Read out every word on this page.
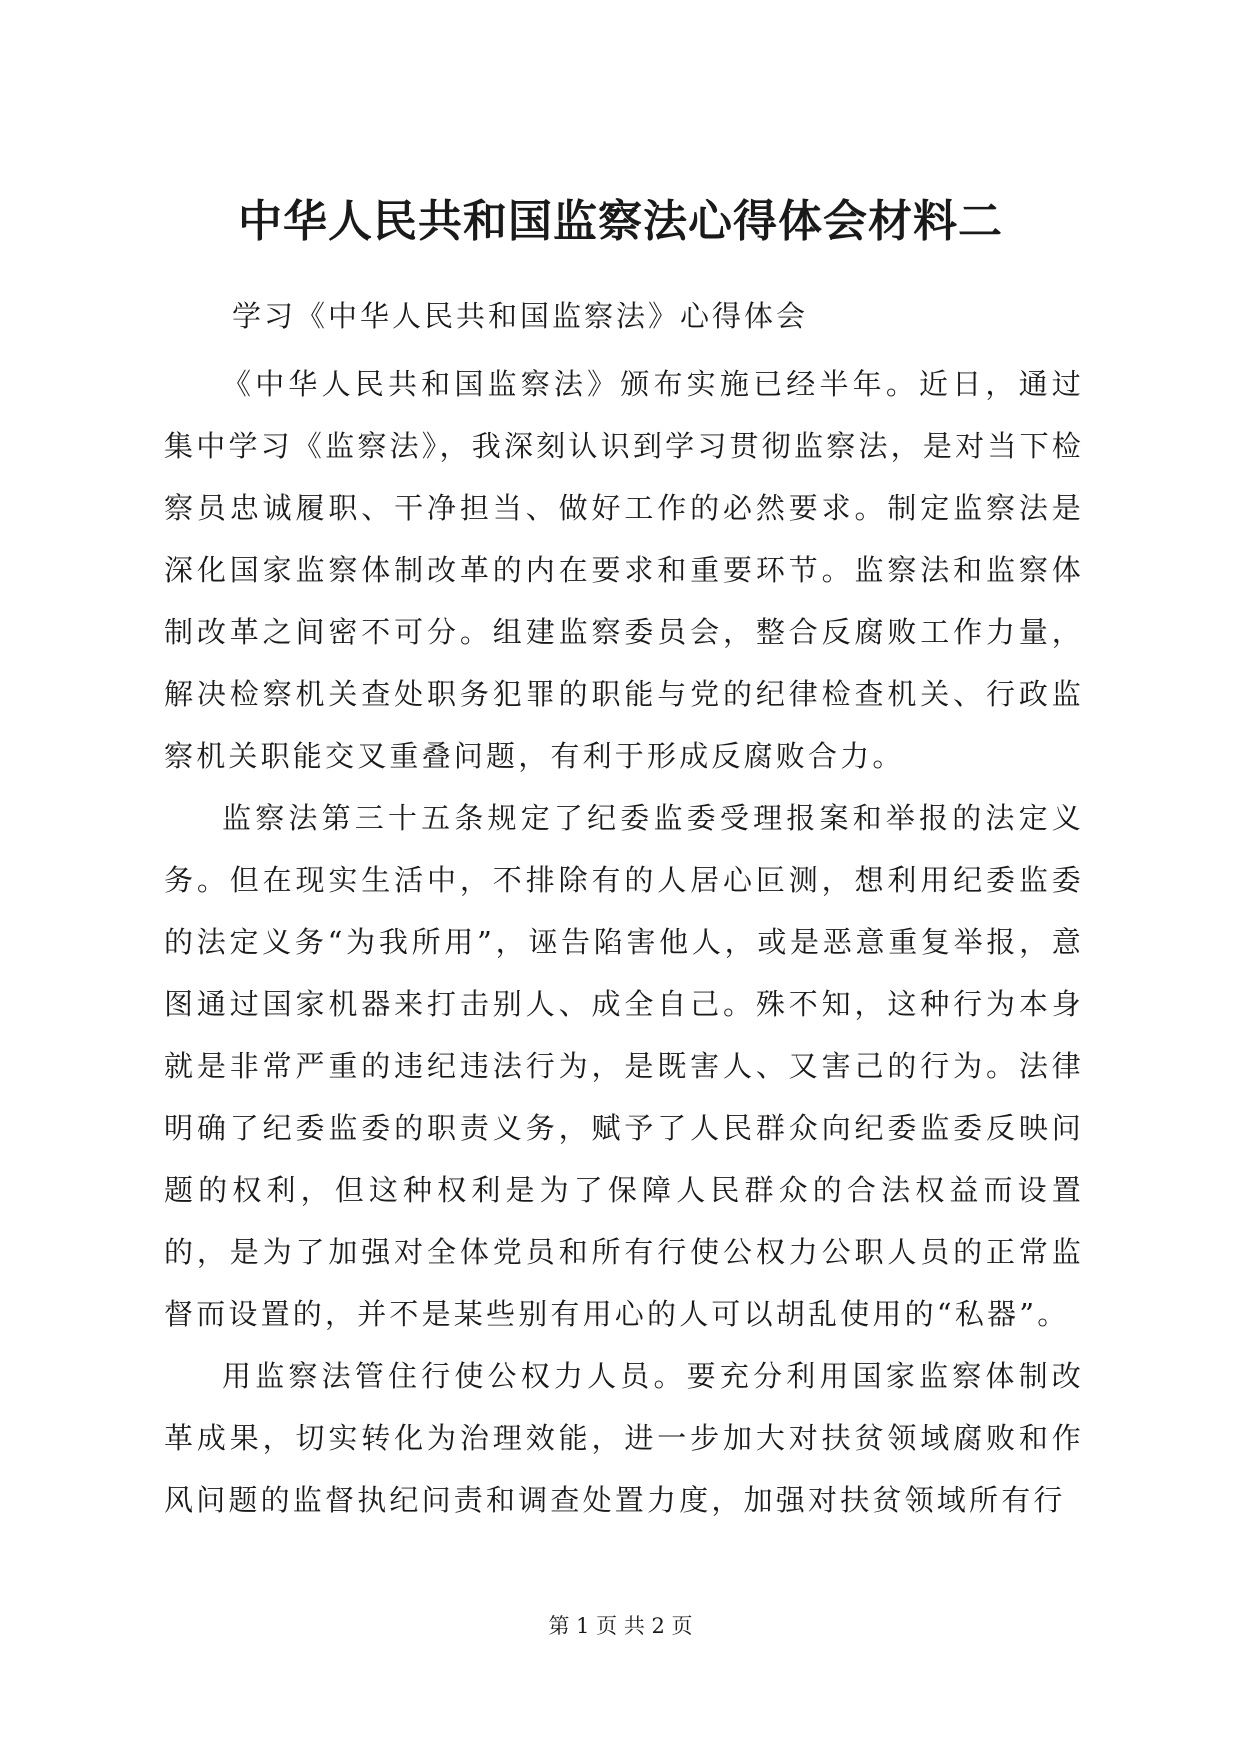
中华人民共和国监察法心得体会材料二

学习《中华人民共和国监察法》心得体会

《中华人民共和国监察法》颁布实施已经半年。近日，通过集中学习《监察法》，我深刻认识到学习贯彻监察法，是对当下检察员忠诚履职、干净担当、做好工作的必然要求。制定监察法是深化国家监察体制改革的内在要求和重要环节。监察法和监察体制改革之间密不可分。组建监察委员会，整合反腐败工作力量，解决检察机关查处职务犯罪的职能与党的纪律检查机关、行政监察机关职能交叉重叠问题，有利于形成反腐败合力。

监察法第三十五条规定了纪委监委受理报案和举报的法定义务。但在现实生活中，不排除有的人居心叵测，想利用纪委监委的法定义务“为我所用”，诬告陷害他人，或是恶意重复举报，意图通过国家机器来打击别人、成全自己。殊不知，这种行为本身就是非常严重的违纪违法行为，是既害人、又害己的行为。法律明确了纪委监委的职责义务，赋予了人民群众向纪委监委反映问题的权利，但这种权利是为了保障人民群众的合法权益而设置的，是为了加强对全体党员和所有行使公权力公职人员的正常监督而设置的，并不是某些别有用心的人可以胡乱使用的“私器”。

用监察法管住行使公权力人员。要充分利用国家监察体制改革成果，切实转化为治理效能，进一步加大对扶贫领域腐败和作风问题的监督执纪问责和调查处置力度，加强对扶贫领域所有行

第 1 页 共 2 页
